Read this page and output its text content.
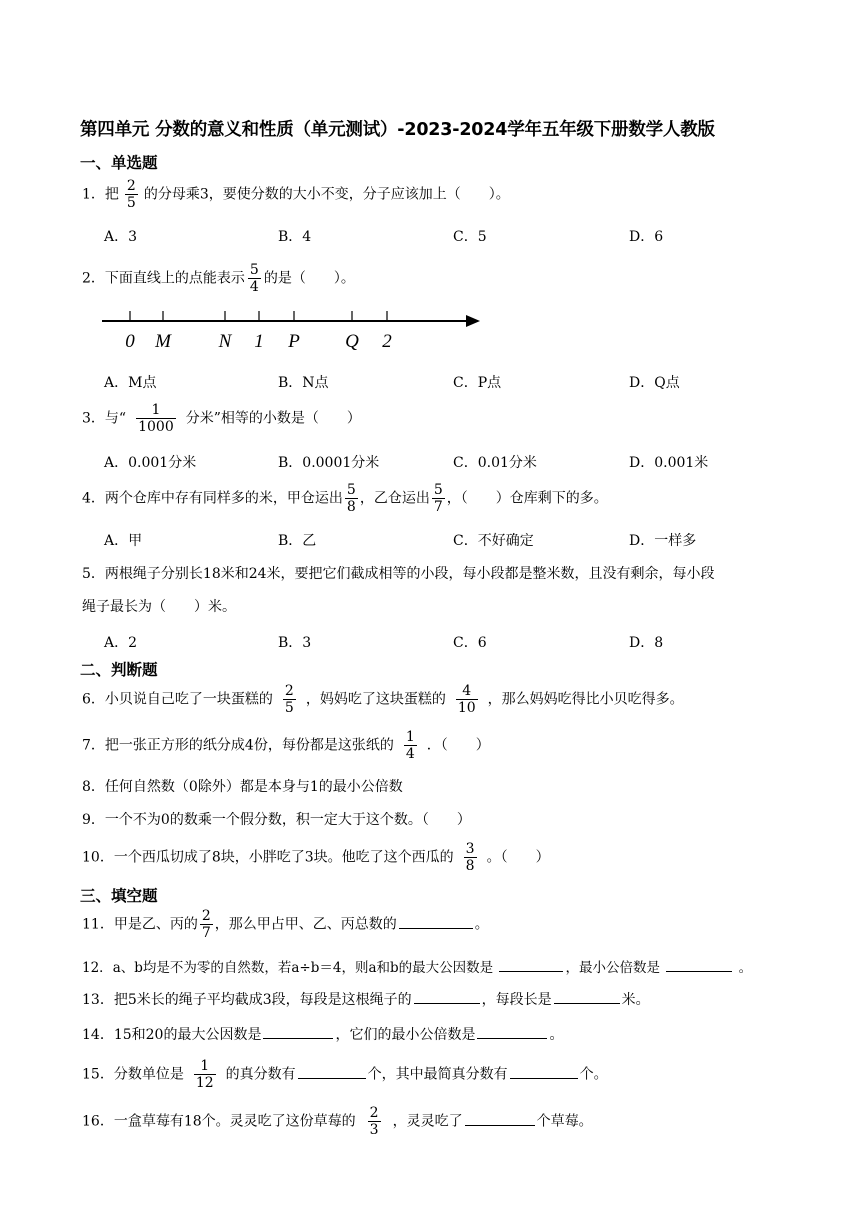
第四单元 分数的意义和性质（单元测试）-2023-2024学年五年级下册数学人教版
一、单选题
1．把 $\frac{2}{5}$ 的分母乘3，要使分数的大小不变，分子应该加上（　　）。
A．3	B．4	C．5	D．6
2．下面直线上的点能表示 $\frac{5}{4}$ 的是（　　）。
0 M	N 1 P Q 2
A．M点	B．N点	C．P点	D．Q点
3．与“ $\frac{1}{1000}$ 分米”相等的小数是（　　）
A．0.001分米	B．0.0001分米	C．0.01分米	D．0.001米
4．两个仓库中存有同样多的米，甲仓运出 $\frac{5}{8}$ ，乙仓运出 $\frac{5}{7}$ ，（　　）仓库剩下的多。
A．甲	B．乙	C．不好确定	D．一样多
5．两根绳子分别长18米和24米，要把它们截成相等的小段，每小段都是整米数，且没有剩余，每小段
绳子最长为（　　）米。
A．2	B．3	C．6	D．8
二、判断题
6．小贝说自己吃了一块蛋糕的 $\frac{2}{5}$ ，妈妈吃了这块蛋糕的 $\frac{4}{10}$ ，那么妈妈吃得比小贝吃得多。
7．把一张正方形的纸分成4份，每份都是这张纸的 $\frac{1}{4}$ ．（　　）
8．任何自然数（0除外）都是本身与1的最小公倍数
9．一个不为0的数乘一个假分数，积一定大于这个数。（　　）
10．一个西瓜切成了8块，小胖吃了3块。他吃了这个西瓜的 $\frac{3}{8}$ 。（　　）
三、填空题
11．甲是乙、丙的 $\frac{2}{7}$ ，那么甲占甲、乙、丙总数的	。
12．a、b均是不为零的自然数，若a÷b＝4，则a和b的最大公因数是	，最小公倍数是	。
13．把5米长的绳子平均截成3段，每段是这根绳子的	，每段长是	米。
14．15和20的最大公因数是	，它们的最小公倍数是	。
15．分数单位是 $\frac{1}{12}$ 的真分数有	个，其中最简真分数有	个。
16．一盒草莓有18个。灵灵吃了这份草莓的 $\frac{2}{3}$ ，灵灵吃了	个草莓。
